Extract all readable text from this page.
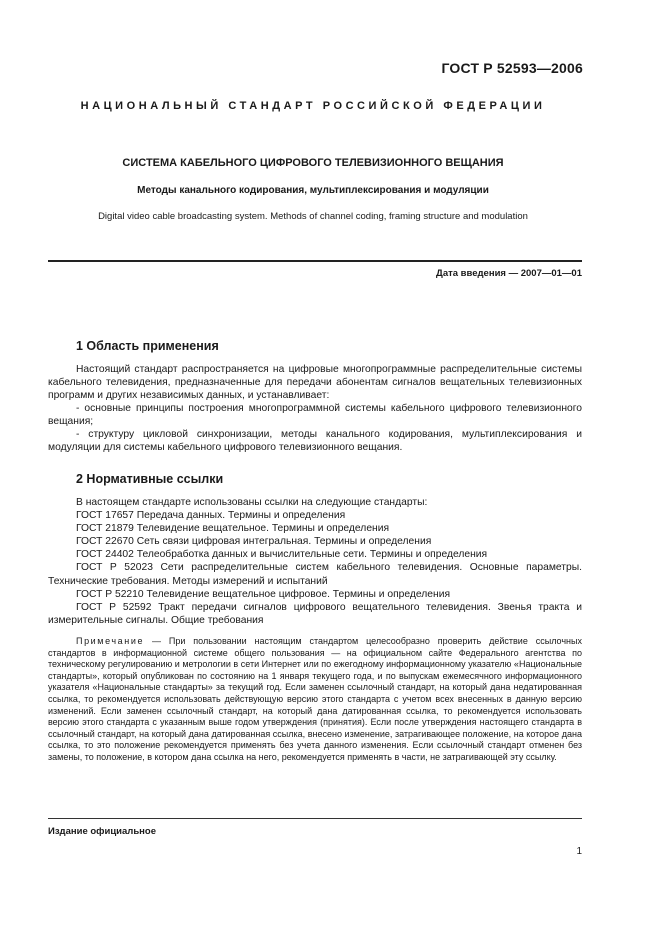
ГОСТ Р 52593—2006
НАЦИОНАЛЬНЫЙ СТАНДАРТ РОССИЙСКОЙ ФЕДЕРАЦИИ
СИСТЕМА КАБЕЛЬНОГО ЦИФРОВОГО ТЕЛЕВИЗИОННОГО ВЕЩАНИЯ
Методы канального кодирования, мультиплексирования и модуляции
Digital video cable broadcasting system. Methods of channel coding, framing structure and modulation
Дата введения — 2007—01—01
1 Область применения

Настоящий стандарт распространяется на цифровые многопрограммные распределительные системы кабельного телевидения, предназначенные для передачи абонентам сигналов вещательных телевизионных программ и других независимых данных, и устанавливает:

- основные принципы построения многопрограммной системы кабельного цифрового телевизионного вещания;

- структуру цикловой синхронизации, методы канального кодирования, мультиплексирования и модуляции для системы кабельного цифрового телевизионного вещания.

2 Нормативные ссылки

В настоящем стандарте использованы ссылки на следующие стандарты:

ГОСТ 17657 Передача данных. Термины и определения

ГОСТ 21879 Телевидение вещательное. Термины и определения

ГОСТ 22670 Сеть связи цифровая интегральная. Термины и определения

ГОСТ 24402 Телеобработка данных и вычислительные сети. Термины и определения

ГОСТ Р 52023 Сети распределительные систем кабельного телевидения. Основные параметры. Технические требования. Методы измерений и испытаний

ГОСТ Р 52210 Телевидение вещательное цифровое. Термины и определения

ГОСТ Р 52592 Тракт передачи сигналов цифрового вещательного телевидения. Звенья тракта и измерительные сигналы. Общие требования

Примечание — При пользовании настоящим стандартом целесообразно проверить действие ссылочных стандартов в информационной системе общего пользования — на официальном сайте Федерального агентства по техническому регулированию и метрологии в сети Интернет или по ежегодному информационному указателю «Национальные стандарты», который опубликован по состоянию на 1 января текущего года, и по выпускам ежемесячного информационного указателя «Национальные стандарты» за текущий год. Если заменен ссылочный стандарт, на который дана недатированная ссылка, то рекомендуется использовать действующую версию этого стандарта с учетом всех внесенных в данную версию изменений. Если заменен ссылочный стандарт, на который дана датированная ссылка, то рекомендуется использовать версию этого стандарта с указанным выше годом утверждения (принятия). Если после утверждения настоящего стандарта в ссылочный стандарт, на который дана датированная ссылка, внесено изменение, затрагивающее положение, на которое дана ссылка, то это положение рекомендуется применять без учета данного изменения. Если ссылочный стандарт отменен без замены, то положение, в котором дана ссылка на него, рекомендуется применять в части, не затрагивающей эту ссылку.

Издание официальное
1
